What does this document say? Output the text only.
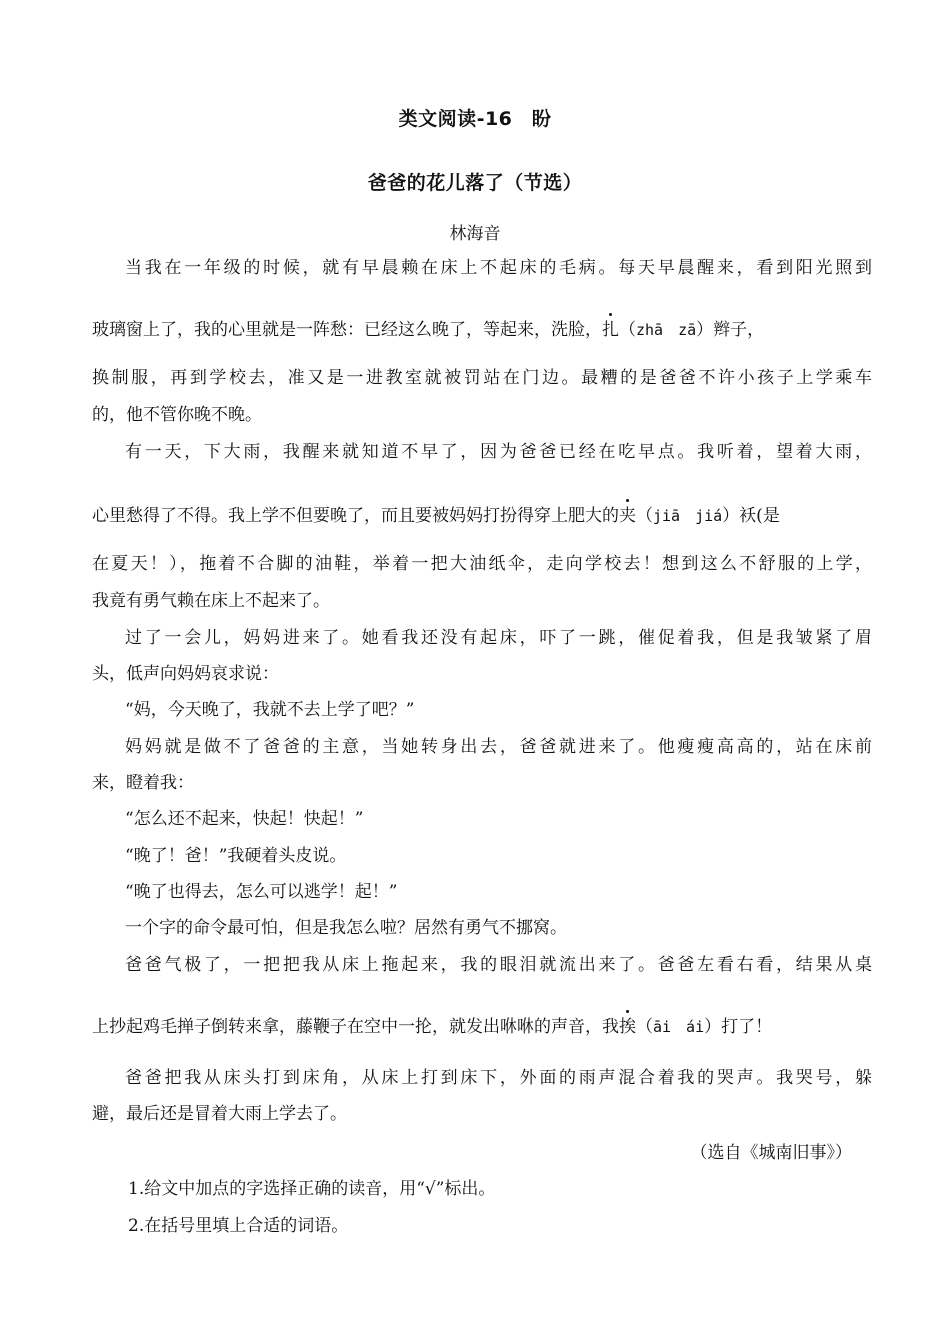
类文阅读-16　盼
爸爸的花儿落了（节选）
林海音
当我在一年级的时候，就有早晨赖在床上不起床的毛病。每天早晨醒来，看到阳光照到
玻璃窗上了，我的心里就是一阵愁：已经这么晚了，等起来，洗脸，扎（zhā　zā）辫子，
换制服，再到学校去，准又是一进教室就被罚站在门边。最糟的是爸爸不许小孩子上学乘车
的，他不管你晚不晚。
有一天，下大雨，我醒来就知道不早了，因为爸爸已经在吃早点。我听着，望着大雨，
心里愁得了不得。我上学不但要晚了，而且要被妈妈打扮得穿上肥大的夹（jiā　jiá）袄(是
在夏天！），拖着不合脚的油鞋，举着一把大油纸伞，走向学校去！想到这么不舒服的上学，
我竟有勇气赖在床上不起来了。
过了一会儿，妈妈进来了。她看我还没有起床，吓了一跳，催促着我，但是我皱紧了眉
头，低声向妈妈哀求说：
“妈，今天晚了，我就不去上学了吧？”
妈妈就是做不了爸爸的主意，当她转身出去，爸爸就进来了。他瘦瘦高高的，站在床前
来，瞪着我：
“怎么还不起来，快起！快起！”
“晚了！爸！”我硬着头皮说。
“晚了也得去，怎么可以逃学！起！”
一个字的命令最可怕，但是我怎么啦？居然有勇气不挪窝。
爸爸气极了，一把把我从床上拖起来，我的眼泪就流出来了。爸爸左看右看，结果从桌
上抄起鸡毛掸子倒转来拿，藤鞭子在空中一抡，就发出咻咻的声音，我挨（āi　ái）打了！
爸爸把我从床头打到床角，从床上打到床下，外面的雨声混合着我的哭声。我哭号，躲
避，最后还是冒着大雨上学去了。
（选自《城南旧事》）
1.给文中加点的字选择正确的读音，用“√”标出。
2.在括号里填上合适的词语。
